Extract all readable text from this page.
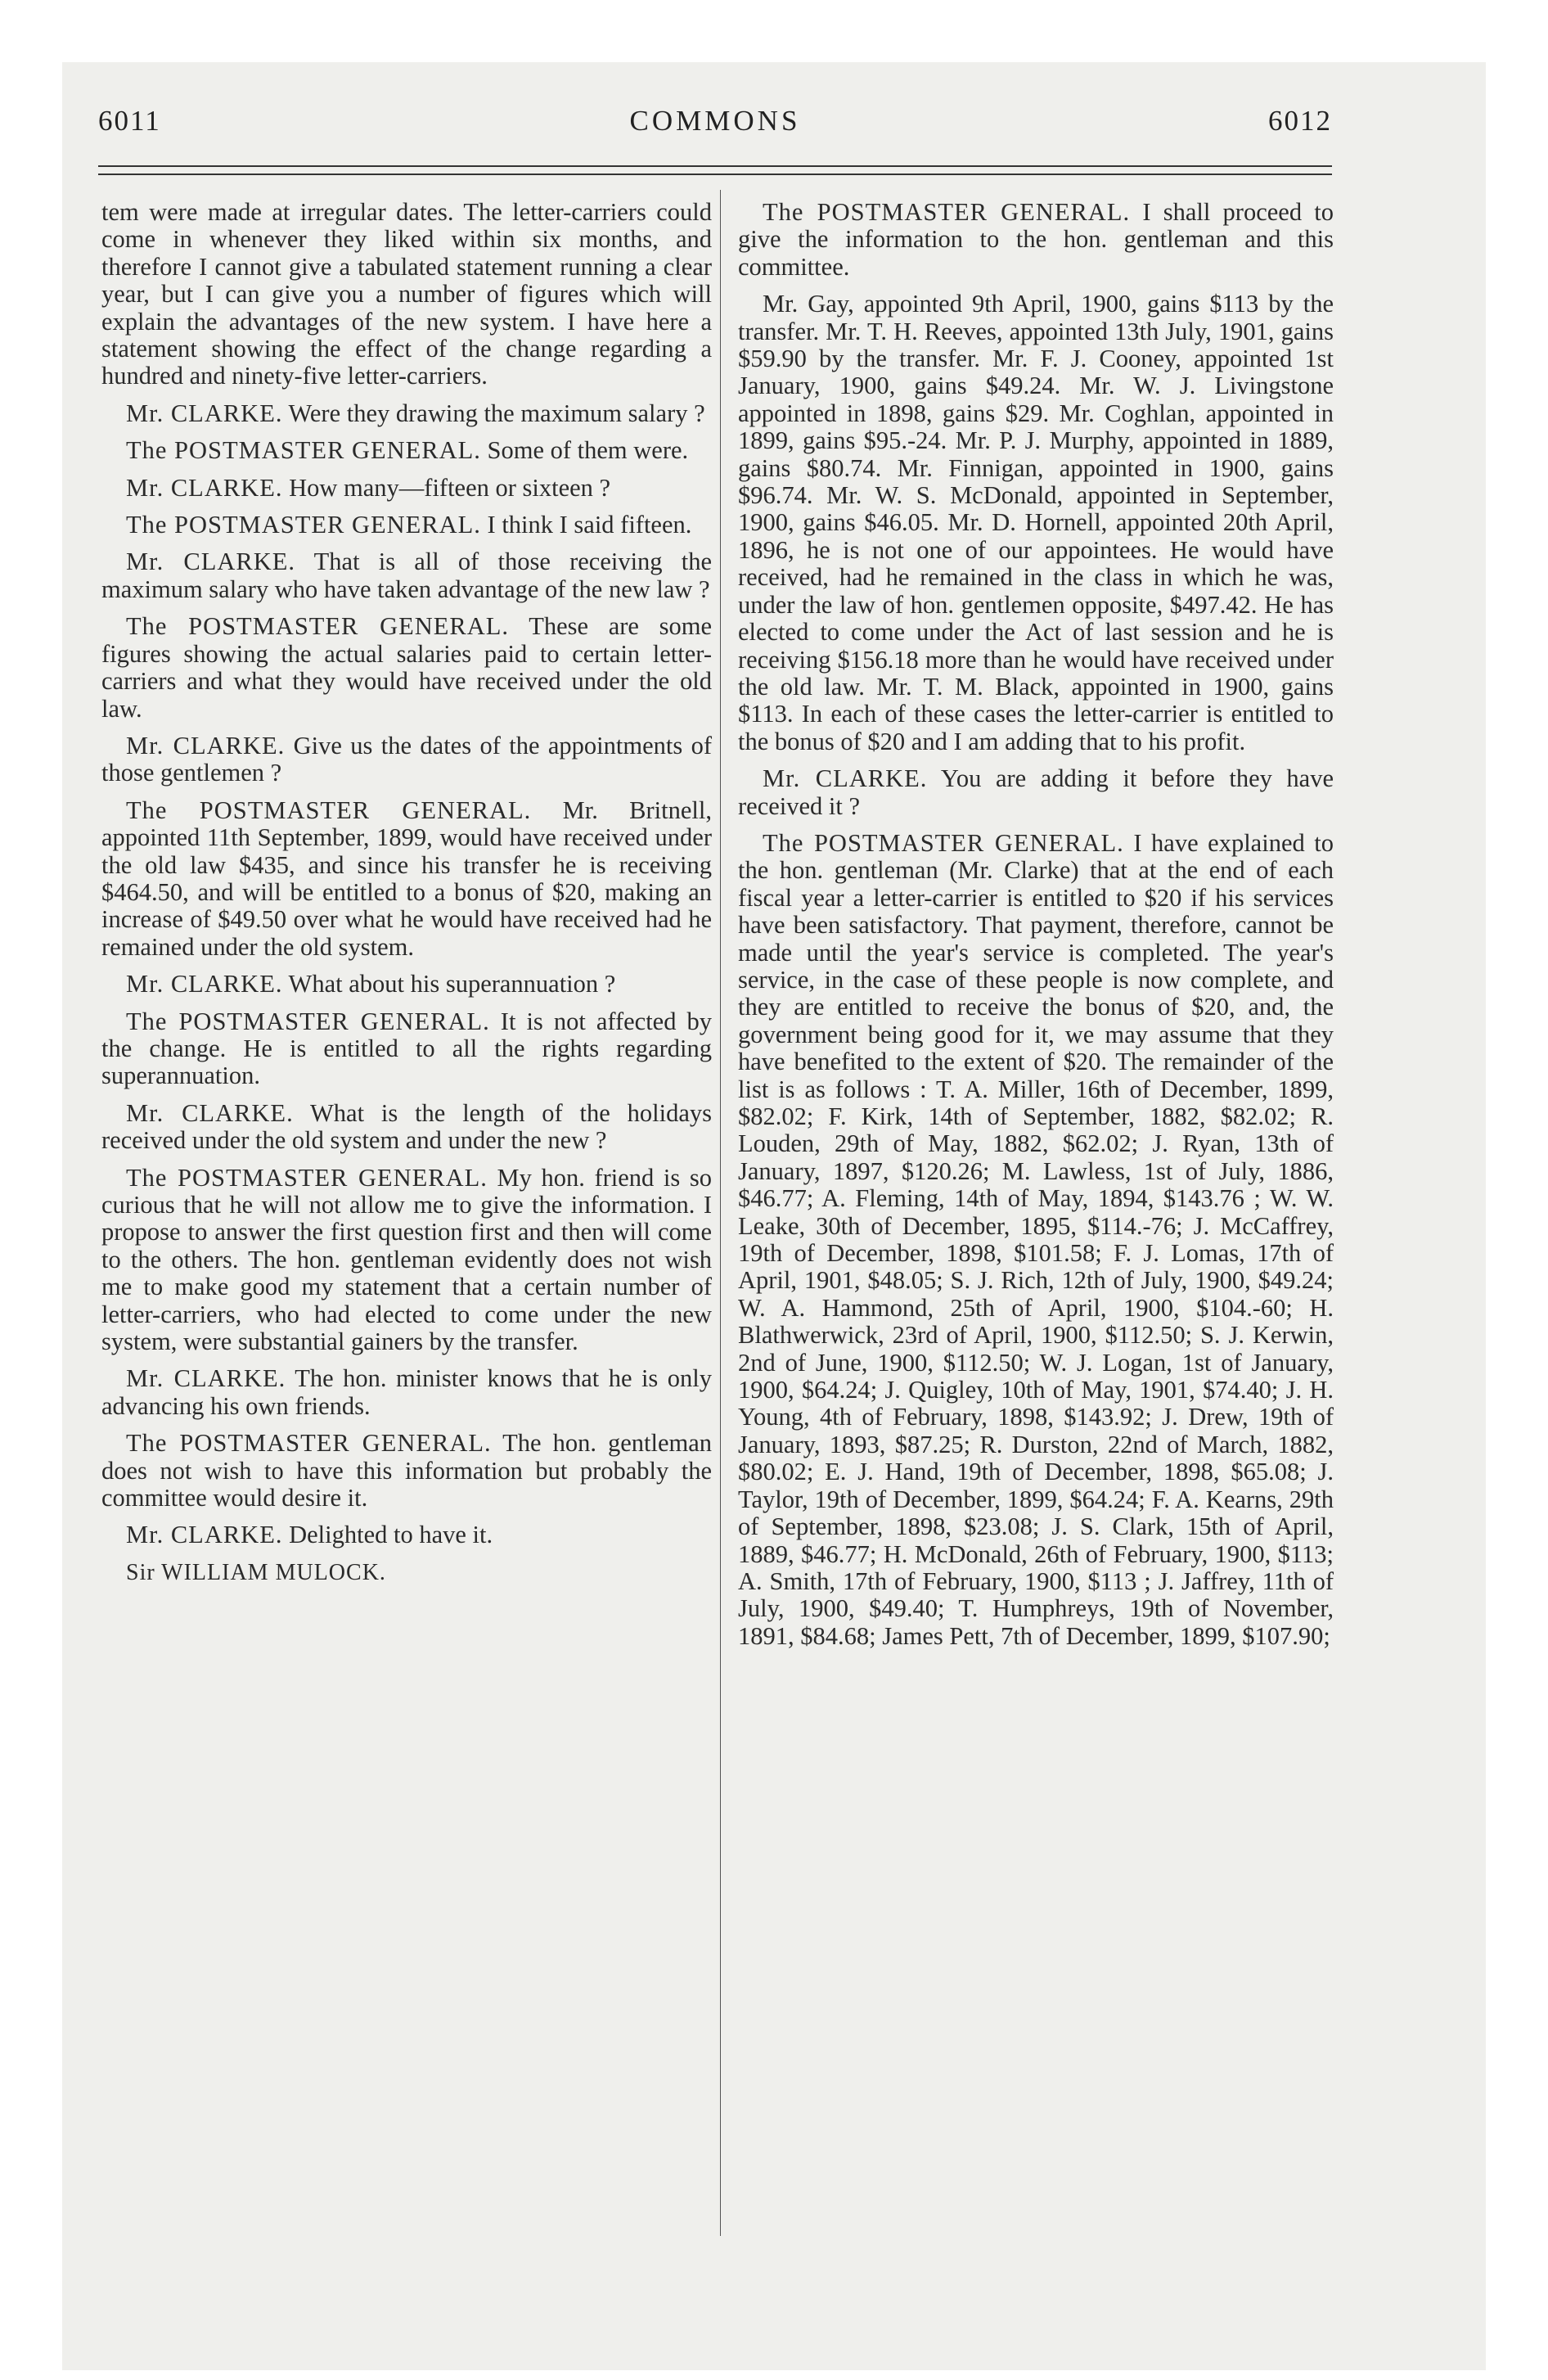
6011	COMMONS	6012

tem were made at irregular dates. The letter-carriers could come in whenever they liked within six months, and therefore I cannot give a tabulated statement running a clear year, but I can give you a number of figures which will explain the advantages of the new system. I have here a statement showing the effect of the change regarding a hundred and ninety-five letter-carriers.

Mr. CLARKE. Were they drawing the maximum salary ?

The POSTMASTER GENERAL. Some of them were.

Mr. CLARKE. How many—fifteen or sixteen ?

The POSTMASTER GENERAL. I think I said fifteen.

Mr. CLARKE. That is all of those receiving the maximum salary who have taken advantage of the new law ?

The POSTMASTER GENERAL. These are some figures showing the actual salaries paid to certain letter-carriers and what they would have received under the old law.

Mr. CLARKE. Give us the dates of the appointments of those gentlemen ?

The POSTMASTER GENERAL. Mr. Britnell, appointed 11th September, 1899, would have received under the old law $435, and since his transfer he is receiving $464.50, and will be entitled to a bonus of $20, making an increase of $49.50 over what he would have received had he remained under the old system.

Mr. CLARKE. What about his superannuation ?

The POSTMASTER GENERAL. It is not affected by the change. He is entitled to all the rights regarding superannuation.

Mr. CLARKE. What is the length of the holidays received under the old system and under the new ?

The POSTMASTER GENERAL. My hon. friend is so curious that he will not allow me to give the information. I propose to answer the first question first and then will come to the others. The hon. gentleman evidently does not wish me to make good my statement that a certain number of letter-carriers, who had elected to come under the new system, were substantial gainers by the transfer.

Mr. CLARKE. The hon. minister knows that he is only advancing his own friends.

The POSTMASTER GENERAL. The hon. gentleman does not wish to have this information but probably the committee would desire it.

Mr. CLARKE. Delighted to have it.

Sir WILLIAM MULOCK.

The POSTMASTER GENERAL. I shall proceed to give the information to the hon. gentleman and this committee.

Mr. Gay, appointed 9th April, 1900, gains $113 by the transfer. Mr. T. H. Reeves, appointed 13th July, 1901, gains $59.90 by the transfer. Mr. F. J. Cooney, appointed 1st January, 1900, gains $49.24. Mr. W. J. Livingstone appointed in 1898, gains $29. Mr. Coghlan, appointed in 1899, gains $95.-24. Mr. P. J. Murphy, appointed in 1889, gains $80.74. Mr. Finnigan, appointed in 1900, gains $96.74. Mr. W. S. McDonald, appointed in September, 1900, gains $46.05. Mr. D. Hornell, appointed 20th April, 1896, he is not one of our appointees. He would have received, had he remained in the class in which he was, under the law of hon. gentlemen opposite, $497.42. He has elected to come under the Act of last session and he is receiving $156.18 more than he would have received under the old law. Mr. T. M. Black, appointed in 1900, gains $113. In each of these cases the letter-carrier is entitled to the bonus of $20 and I am adding that to his profit.

Mr. CLARKE. You are adding it before they have received it ?

The POSTMASTER GENERAL. I have explained to the hon. gentleman (Mr. Clarke) that at the end of each fiscal year a letter-carrier is entitled to $20 if his services have been satisfactory. That payment, therefore, cannot be made until the year's service is completed. The year's service, in the case of these people is now complete, and they are entitled to receive the bonus of $20, and, the government being good for it, we may assume that they have benefited to the extent of $20. The remainder of the list is as follows : T. A. Miller, 16th of December, 1899, $82.02; F. Kirk, 14th of September, 1882, $82.02; R. Louden, 29th of May, 1882, $62.02; J. Ryan, 13th of January, 1897, $120.26; M. Lawless, 1st of July, 1886, $46.77; A. Fleming, 14th of May, 1894, $143.76 ; W. W. Leake, 30th of December, 1895, $114.-76; J. McCaffrey, 19th of December, 1898, $101.58; F. J. Lomas, 17th of April, 1901, $48.05; S. J. Rich, 12th of July, 1900, $49.24; W. A. Hammond, 25th of April, 1900, $104.-60; H. Blathwerwick, 23rd of April, 1900, $112.50; S. J. Kerwin, 2nd of June, 1900, $112.50; W. J. Logan, 1st of January, 1900, $64.24; J. Quigley, 10th of May, 1901, $74.40; J. H. Young, 4th of February, 1898, $143.92; J. Drew, 19th of January, 1893, $87.25; R. Durston, 22nd of March, 1882, $80.02; E. J. Hand, 19th of December, 1898, $65.08; J. Taylor, 19th of December, 1899, $64.24; F. A. Kearns, 29th of September, 1898, $23.08; J. S. Clark, 15th of April, 1889, $46.77; H. McDonald, 26th of February, 1900, $113; A. Smith, 17th of February, 1900, $113 ; J. Jaffrey, 11th of July, 1900, $49.40; T. Humphreys, 19th of November, 1891, $84.68; James Pett, 7th of December, 1899, $107.90;
